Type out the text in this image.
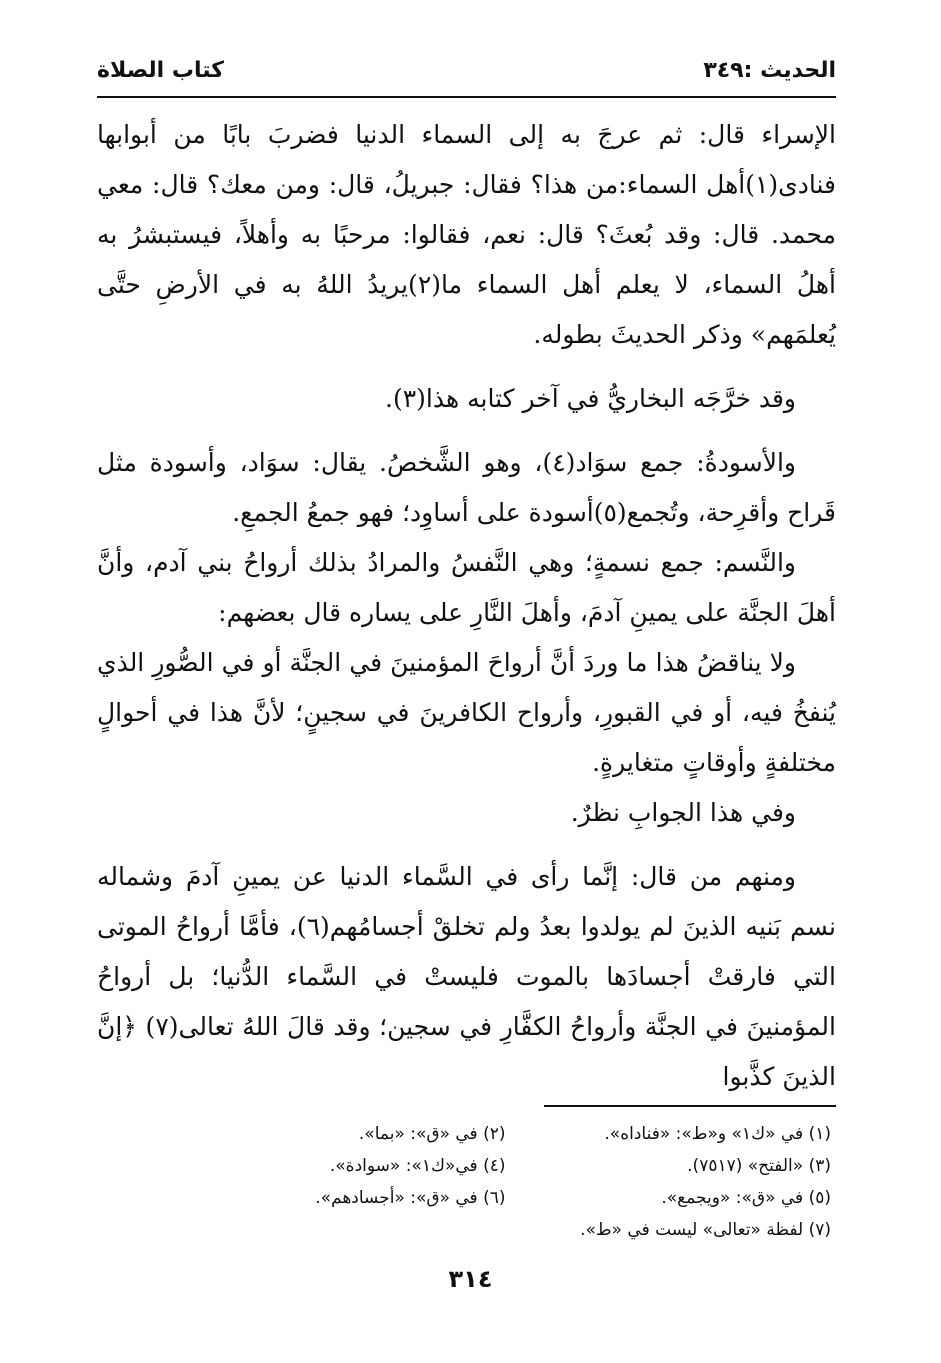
الحديث :٣٤٩
كتاب الصلاة

الإسراء قال: ثم عرجَ به إلى السماء الدنيا فضربَ بابًا من أبوابها فنادى(١)أهل السماء:من هذا؟ فقال: جبريلُ، قال: ومن معك؟ قال: معي محمد. قال: وقد بُعثَ؟ قال: نعم، فقالوا: مرحبًا به وأهلاً، فيستبشرُ به أهلُ السماء، لا يعلم أهل السماء ما(٢)يريدُ اللهُ به في الأرضِ حتَّى يُعلمَهم» وذكر الحديثَ بطوله.

وقد خرَّجَه البخاريُّ في آخر كتابه هذا(٣).

والأسودةُ: جمع سوَاد(٤)، وهو الشَّخصُ. يقال: سوَاد، وأسودة مثل قَراح وأقرِحة، وتُجمع(٥)أسودة على أساوِد؛ فهو جمعُ الجمعِ.

والنَّسم: جمع نسمةٍ؛ وهي النَّفسُ والمرادُ بذلك أرواحُ بني آدم، وأنَّ أهلَ الجنَّة على يمينِ آدمَ، وأهلَ النَّارِ على يساره قال بعضهم:

ولا يناقضُ هذا ما وردَ أنَّ أرواحَ المؤمنينَ في الجنَّة أو في الصُّورِ الذي يُنفخُ فيه، أو في القبورِ، وأرواح الكافرينَ في سجينٍ؛ لأنَّ هذا في أحوالٍ مختلفةٍ وأوقاتٍ متغايرةٍ.

وفي هذا الجوابِ نظرٌ.

ومنهم من قال: إنَّما رأى في السَّماء الدنيا عن يمينِ آدمَ وشماله نسم بَنيه الذينَ لم يولدوا بعدُ ولم تخلقْ أجسامُهم(٦)، فأمَّا أرواحُ الموتى التي فارقتْ أجسادَها بالموت فليستْ في السَّماء الدُّنيا؛ بل أرواحُ المؤمنينَ في الجنَّة وأرواحُ الكفَّارِ في سجين؛ وقد قالَ اللهُ تعالى(٧) ﴿إنَّ الذينَ كذَّبوا

(١) في «ك١» و«ط»: «فناداه».
(٢) في «ق»: «بما».
(٣) «الفتح» (٧٥١٧).
(٤) في«ك١»: «سوادة».
(٥) في «ق»: «ويجمع».
(٦) في «ق»: «أجسادهم».
(٧) لفظة «تعالى» ليست في «ط».
٣١٤
